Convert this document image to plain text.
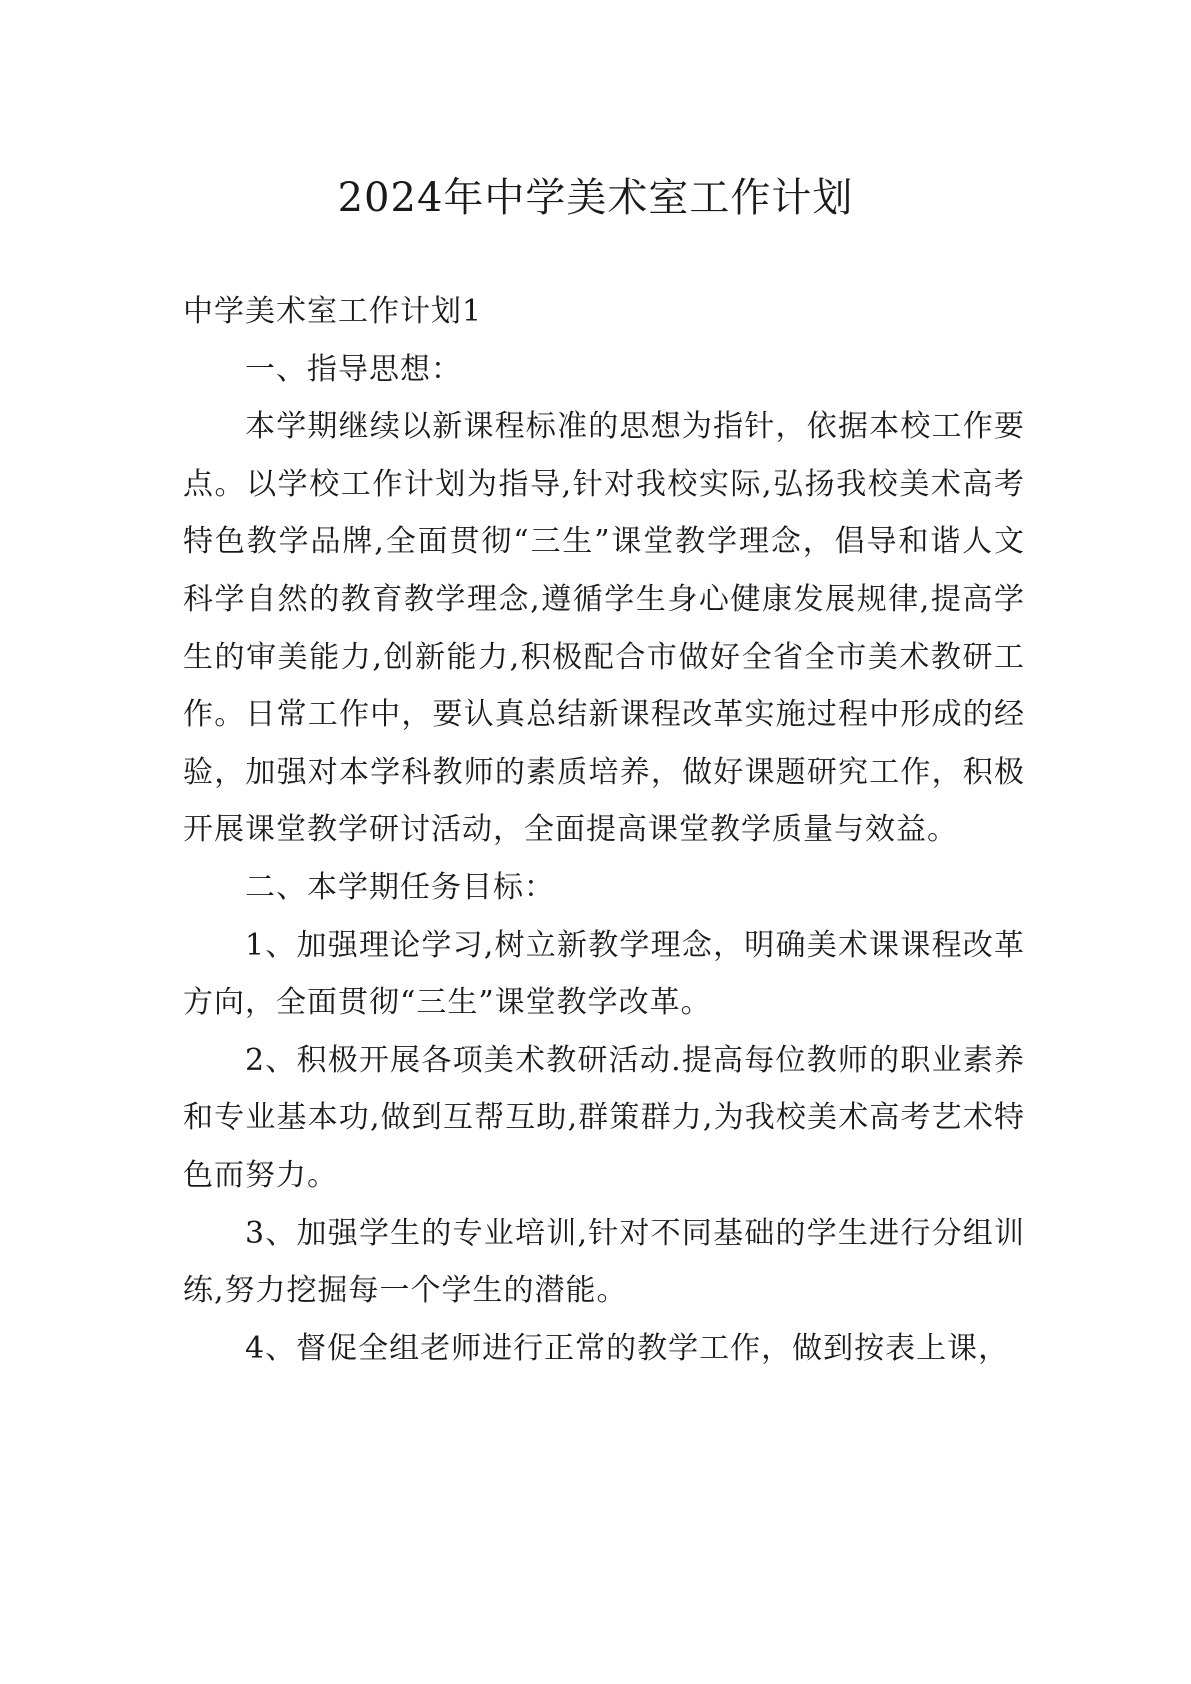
2024年中学美术室工作计划

中学美术室工作计划1

一、指导思想：

本学期继续以新课程标准的思想为指针，依据本校工作要点。以学校工作计划为指导,针对我校实际,弘扬我校美术高考特色教学品牌,全面贯彻“三生”课堂教学理念，倡导和谐人文科学自然的教育教学理念,遵循学生身心健康发展规律,提高学生的审美能力,创新能力,积极配合市做好全省全市美术教研工作。日常工作中，要认真总结新课程改革实施过程中形成的经验，加强对本学科教师的素质培养，做好课题研究工作，积极开展课堂教学研讨活动，全面提高课堂教学质量与效益。

二、本学期任务目标：

1、加强理论学习,树立新教学理念，明确美术课课程改革方向，全面贯彻“三生”课堂教学改革。

2、积极开展各项美术教研活动.提高每位教师的职业素养和专业基本功,做到互帮互助,群策群力,为我校美术高考艺术特色而努力。

3、加强学生的专业培训,针对不同基础的学生进行分组训练,努力挖掘每一个学生的潜能。

4、督促全组老师进行正常的教学工作，做到按表上课，
